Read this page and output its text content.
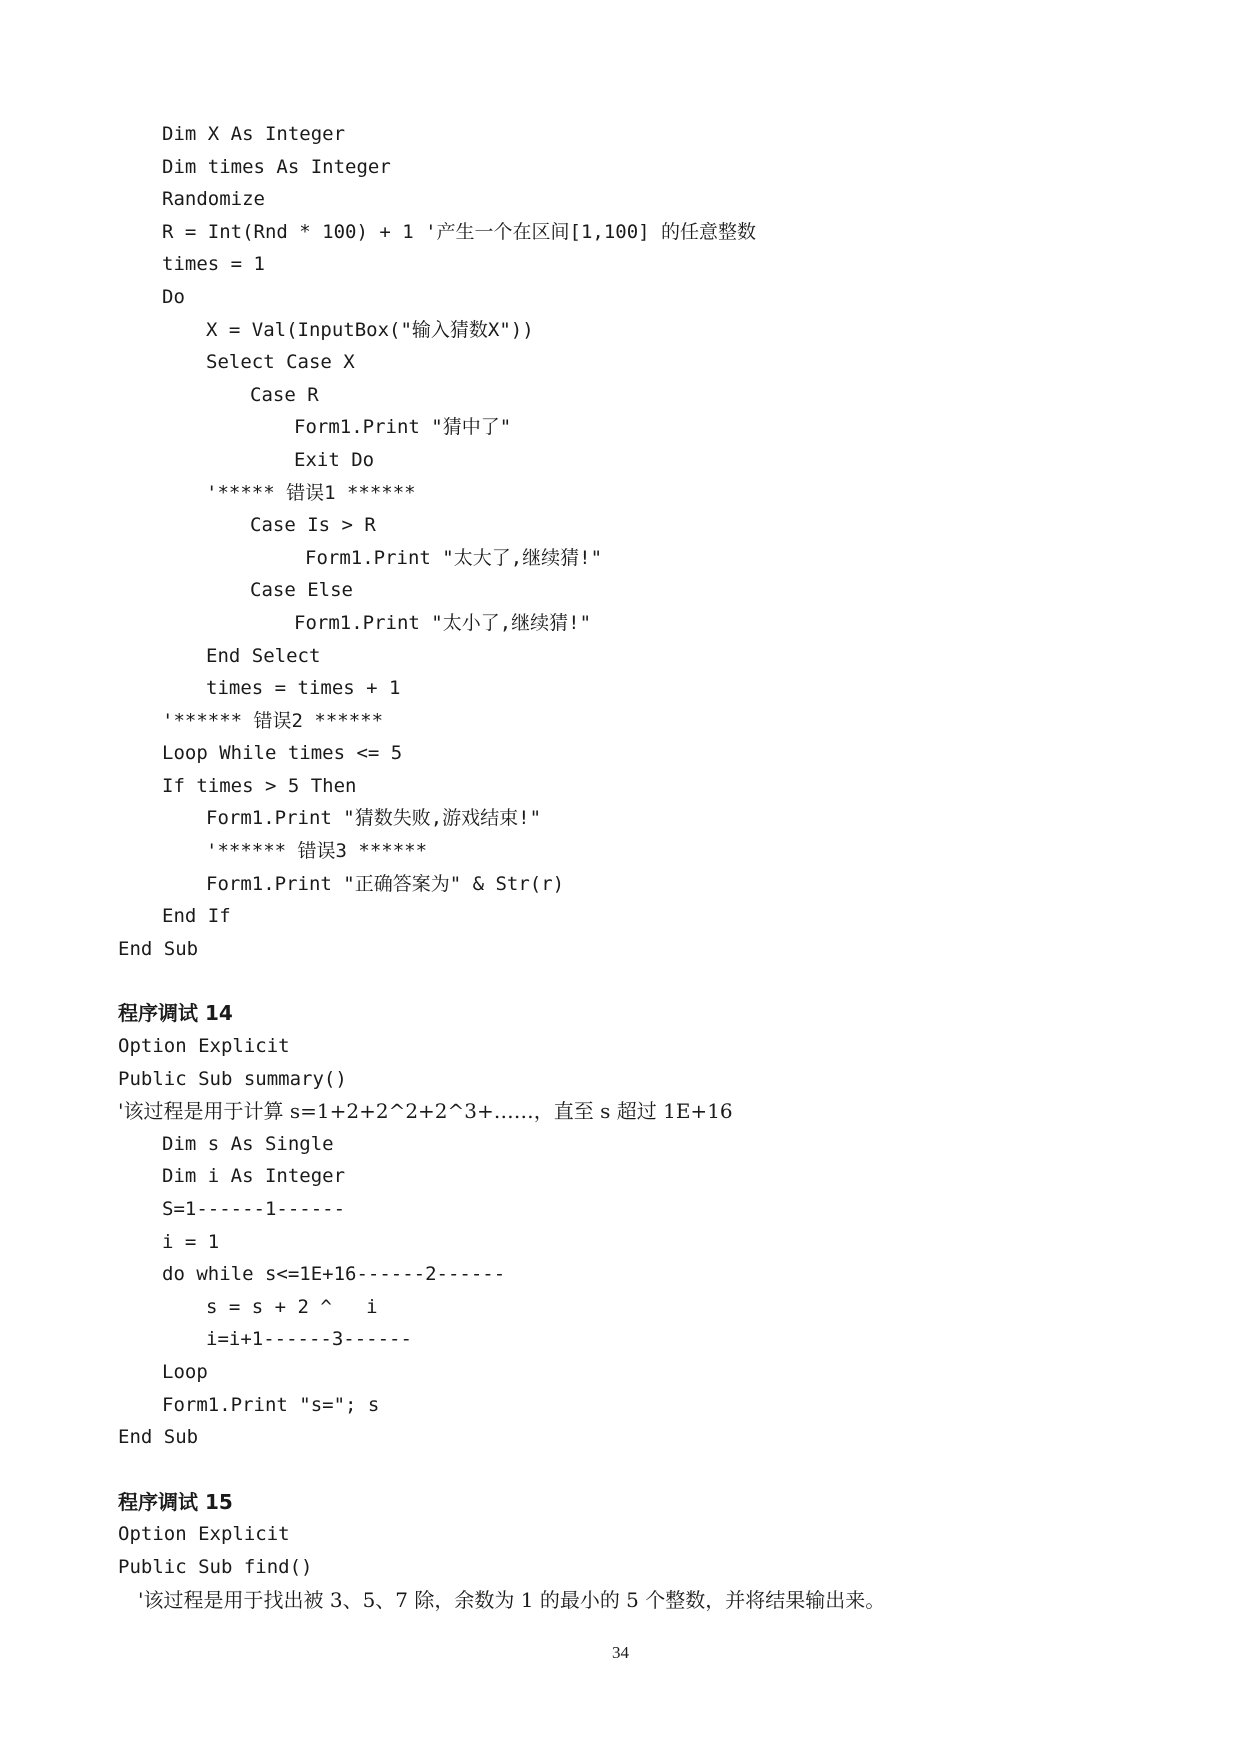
Dim X As Integer
Dim times As Integer
Randomize
R = Int(Rnd * 100) + 1 '产生一个在区间[1,100] 的任意整数
times = 1
Do
X = Val(InputBox("输入猜数X"))
Select Case X
Case R
Form1.Print "猜中了"
Exit Do
'***** 错误1 ******
Case Is > R
Form1.Print "太大了,继续猜!"
Case Else
Form1.Print "太小了,继续猜!"
End Select
times = times + 1
'****** 错误2 ******
Loop While times <= 5
If times > 5 Then
Form1.Print "猜数失败,游戏结束!"
'****** 错误3 ******
Form1.Print "正确答案为" & Str(r)
End If
End Sub
程序调试 14
Option Explicit
Public Sub summary()
'该过程是用于计算 s=1+2+2^2+2^3+……，直至 s 超过 1E+16
Dim s As Single
Dim i As Integer
S=1------1------
i = 1
do while s<=1E+16------2------
s = s + 2 ^   i
i=i+1------3------
Loop
Form1.Print "s="; s
End Sub
程序调试 15
Option Explicit
Public Sub find()
'该过程是用于找出被 3、5、7 除，余数为 1 的最小的 5 个整数，并将结果输出来。
34
